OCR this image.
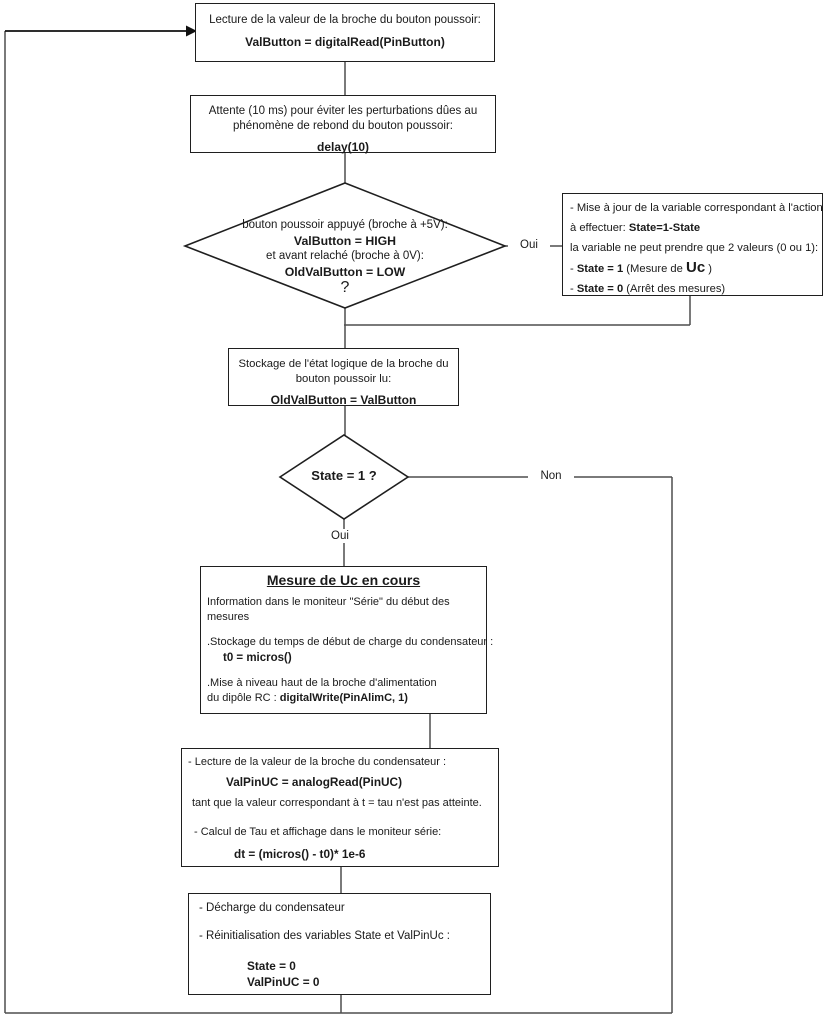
Lecture de la valeur de la broche du bouton poussoir:
ValButton = digitalRead(PinButton)
Attente (10 ms) pour éviter les perturbations dûes au
phénomène de rebond du bouton poussoir:
delay(10)
bouton poussoir appuyé (broche à +5V):
ValButton = HIGH
et avant relaché (broche à 0V):
OldValButton = LOW
?
- Mise à jour de la variable correspondant à l'action
à effectuer: State=1-State
la variable ne peut prendre que 2 valeurs (0 ou 1):
- State = 1 (Mesure de Uc )
- State = 0 (Arrêt des mesures)
Stockage de l'état logique de la broche du
bouton poussoir lu:
OldValButton = ValButton
State = 1 ?
Oui
Oui
Non
Mesure de Uc en cours
Information dans le moniteur "Série" du début des
mesures
.Stockage du temps de début de charge du condensateur :
t0 = micros()
.Mise à niveau haut de la broche d'alimentation
du dipôle RC : digitalWrite(PinAlimC, 1)
- Lecture de la valeur de la broche du condensateur :
ValPinUC = analogRead(PinUC)
tant que la valeur correspondant à t = tau n'est pas atteinte.
- Calcul de Tau et affichage dans le moniteur série:
dt = (micros() - t0)* 1e-6
- Décharge du condensateur
- Réinitialisation des variables State et ValPinUc :
State = 0
ValPinUC = 0
